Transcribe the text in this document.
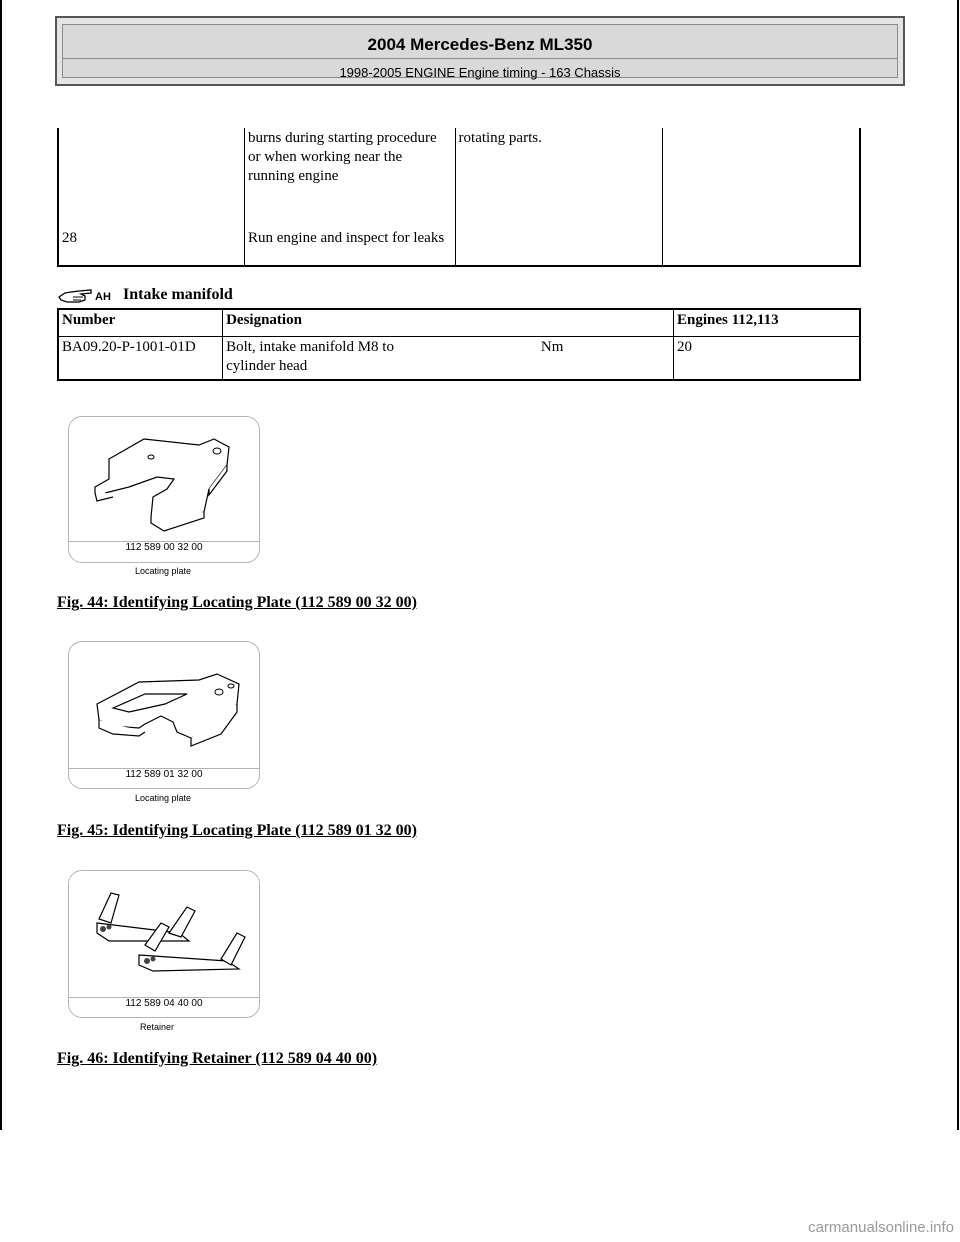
2004 Mercedes-Benz ML350
1998-2005 ENGINE Engine timing - 163 Chassis
	burns during starting procedure or when working near the running engine	rotating parts.	
28	Run engine and inspect for leaks		
AH Intake manifold
Number	Designation		Engines 112,113
BA09.20-P-1001-01D	Bolt, intake manifold M8 to cylinder head	Nm	20
112 589 00 32 00
Locating plate
Fig. 44: Identifying Locating Plate (112 589 00 32 00)
112 589 01 32 00
Locating plate
Fig. 45: Identifying Locating Plate (112 589 01 32 00)
112 589 04 40 00
Retainer
Fig. 46: Identifying Retainer (112 589 04 40 00)
carmanualsonline.info
